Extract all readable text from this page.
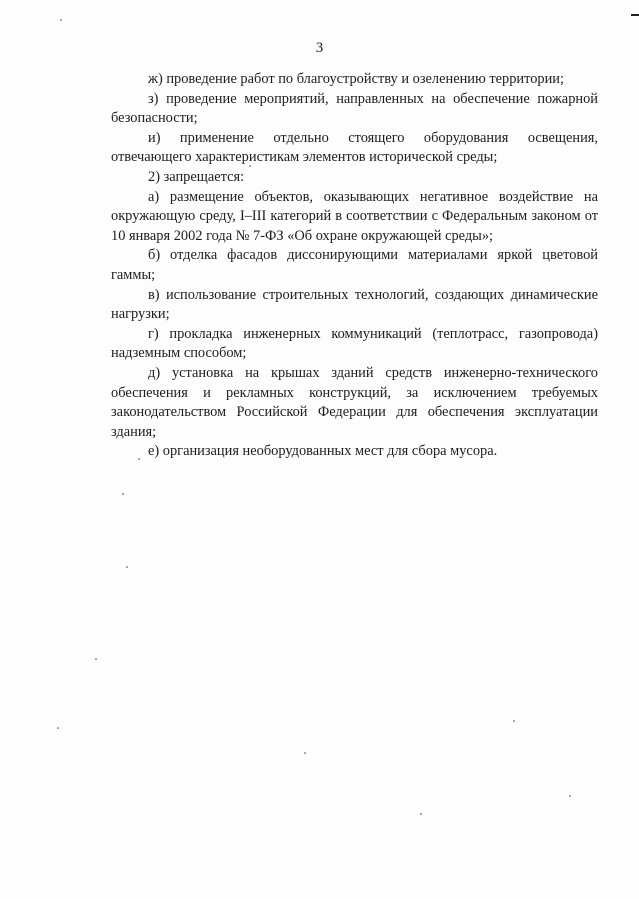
3

ж) проведение работ по благоустройству и озеленению территории;

з) проведение мероприятий, направленных на обеспечение пожарной безопасности;

и) применение отдельно стоящего оборудования освещения, отвечающего характеристикам элементов исторической среды;

2) запрещается:

а) размещение объектов, оказывающих негативное воздействие на окружающую среду, I–III категорий в соответствии с Федеральным законом от 10 января 2002 года № 7-ФЗ «Об охране окружающей среды»;

б) отделка фасадов диссонирующими материалами яркой цветовой гаммы;

в) использование строительных технологий, создающих динамические нагрузки;

г) прокладка инженерных коммуникаций (теплотрасс, газопровода) надземным способом;

д) установка на крышах зданий средств инженерно-технического обеспечения и рекламных конструкций, за исключением требуемых законодательством Российской Федерации для обеспечения эксплуатации здания;

е) организация необорудованных мест для сбора мусора.
